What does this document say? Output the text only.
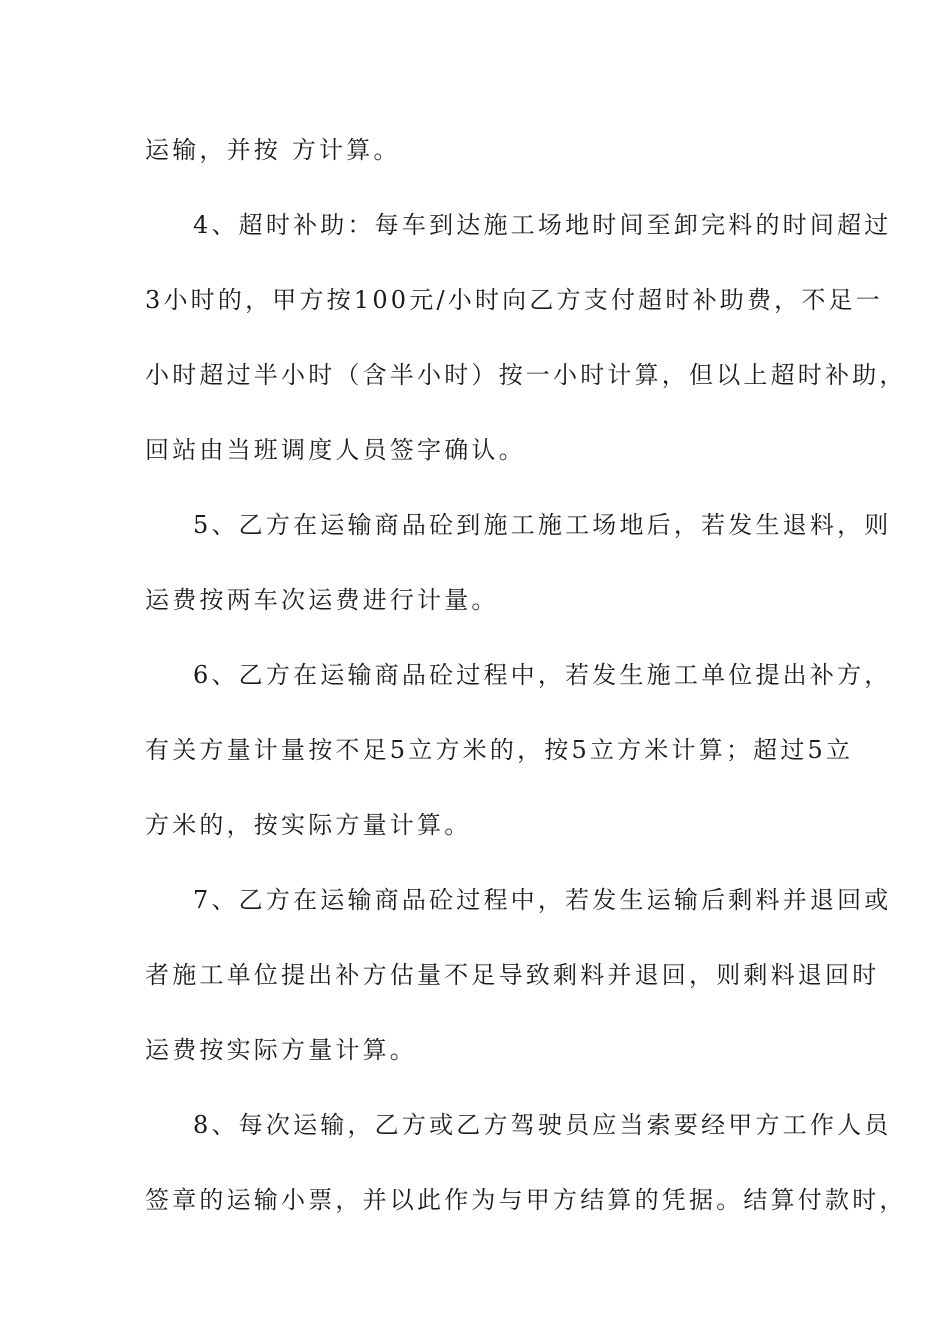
运输，并按 方计算。
4、超时补助：每车到达施工场地时间至卸完料的时间超过
3小时的，甲方按100元/小时向乙方支付超时补助费，不足一
小时超过半小时（含半小时）按一小时计算，但以上超时补助，
回站由当班调度人员签字确认。
5、乙方在运输商品砼到施工施工场地后，若发生退料，则
运费按两车次运费进行计量。
6、乙方在运输商品砼过程中，若发生施工单位提出补方，
有关方量计量按不足5立方米的，按5立方米计算；超过5立
方米的，按实际方量计算。
7、乙方在运输商品砼过程中，若发生运输后剩料并退回或
者施工单位提出补方估量不足导致剩料并退回，则剩料退回时
运费按实际方量计算。
8、每次运输，乙方或乙方驾驶员应当索要经甲方工作人员
签章的运输小票，并以此作为与甲方结算的凭据。结算付款时，
